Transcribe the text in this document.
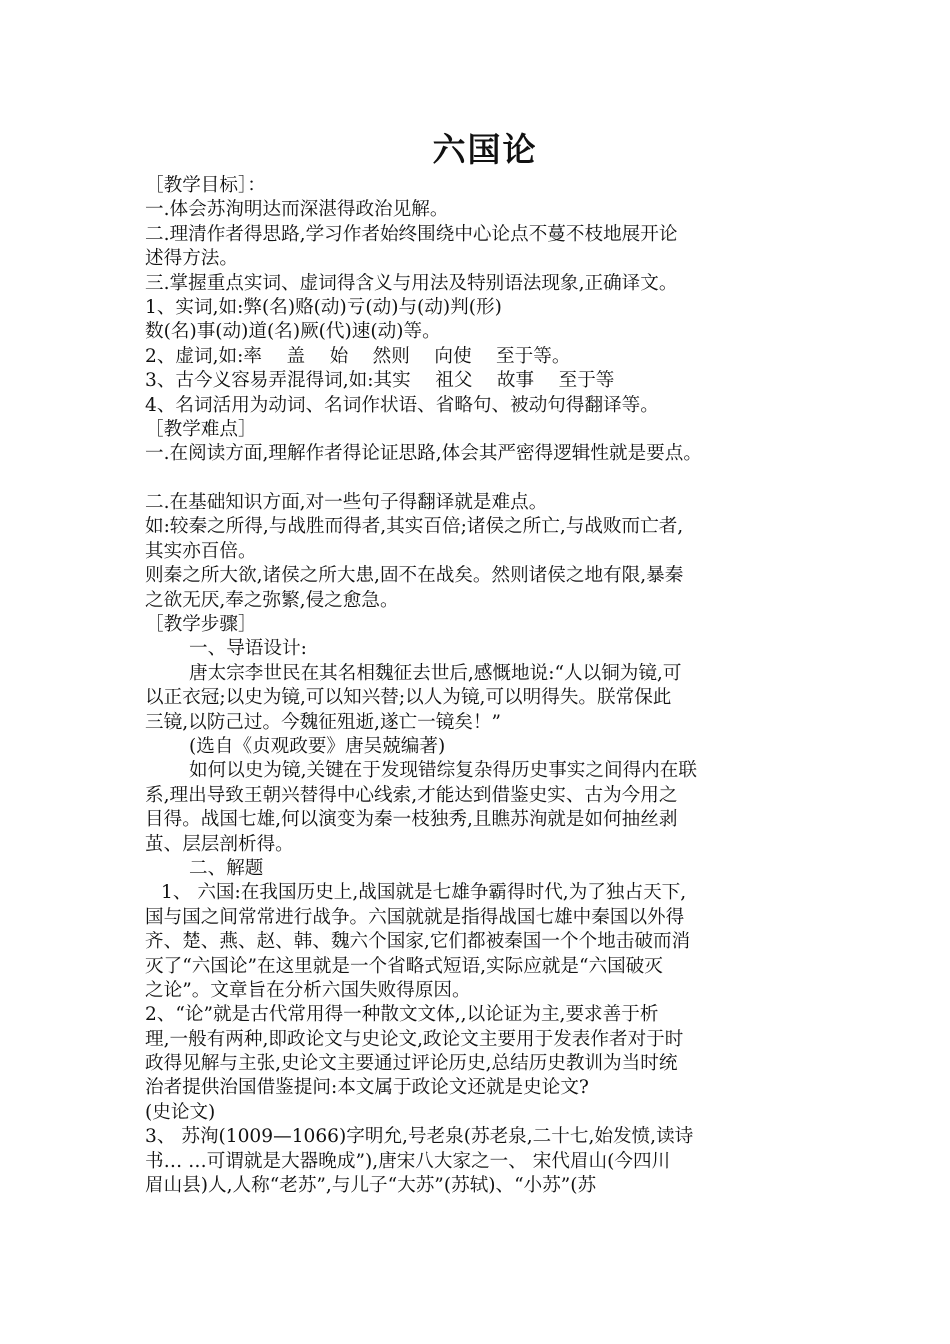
六国论
［教学目标］：
一.体会苏洵明达而深湛得政治见解。
二.理清作者得思路,学习作者始终围绕中心论点不蔓不枝地展开论
述得方法。
三.掌握重点实词、虚词得含义与用法及特别语法现象,正确译文。
1、实词,如:弊(名)赂(动)亏(动)与(动)判(形)
数(名)事(动)道(名)厥(代)速(动)等。
2、虚词,如:率　 盖　 始　 然则　 向使　 至于等。
3、古今义容易弄混得词,如:其实　 祖父　 故事　 至于等
4、名词活用为动词、名词作状语、省略句、被动句得翻译等。
［教学难点］
一.在阅读方面,理解作者得论证思路,体会其严密得逻辑性就是要点。
二.在基础知识方面,对一些句子得翻译就是难点。
如:较秦之所得,与战胜而得者,其实百倍;诸侯之所亡,与战败而亡者,
其实亦百倍。
则秦之所大欲,诸侯之所大患,固不在战矣。然则诸侯之地有限,暴秦
之欲无厌,奉之弥繁,侵之愈急。
［教学步骤］
一、导语设计:
唐太宗李世民在其名相魏征去世后,感慨地说:“人以铜为镜,可
以正衣冠;以史为镜,可以知兴替;以人为镜,可以明得失。朕常保此
三镜,以防己过。今魏征殂逝,遂亡一镜矣！”
(选自《贞观政要》唐吴兢编著)
如何以史为镜,关键在于发现错综复杂得历史事实之间得内在联
系,理出导致王朝兴替得中心线索,才能达到借鉴史实、古为今用之
目得。战国七雄,何以演变为秦一枝独秀,且瞧苏洵就是如何抽丝剥
茧、层层剖析得。
二、解题
1、 六国:在我国历史上,战国就是七雄争霸得时代,为了独占天下,
国与国之间常常进行战争。六国就就是指得战国七雄中秦国以外得
齐、楚、燕、赵、韩、魏六个国家,它们都被秦国一个个地击破而消
灭了“六国论”在这里就是一个省略式短语,实际应就是“六国破灭
之论”。文章旨在分析六国失败得原因。
2、“论”就是古代常用得一种散文文体,,以论证为主,要求善于析
理,一般有两种,即政论文与史论文,政论文主要用于发表作者对于时
政得见解与主张,史论文主要通过评论历史,总结历史教训为当时统
治者提供治国借鉴提问:本文属于政论文还就是史论文?
(史论文)
3、 苏洵(1009—1066)字明允,号老泉(苏老泉,二十七,始发愤,读诗
书… …可谓就是大器晚成”),唐宋八大家之一、 宋代眉山(今四川
眉山县)人,人称“老苏”,与儿子“大苏”(苏轼)、“小苏”(苏
